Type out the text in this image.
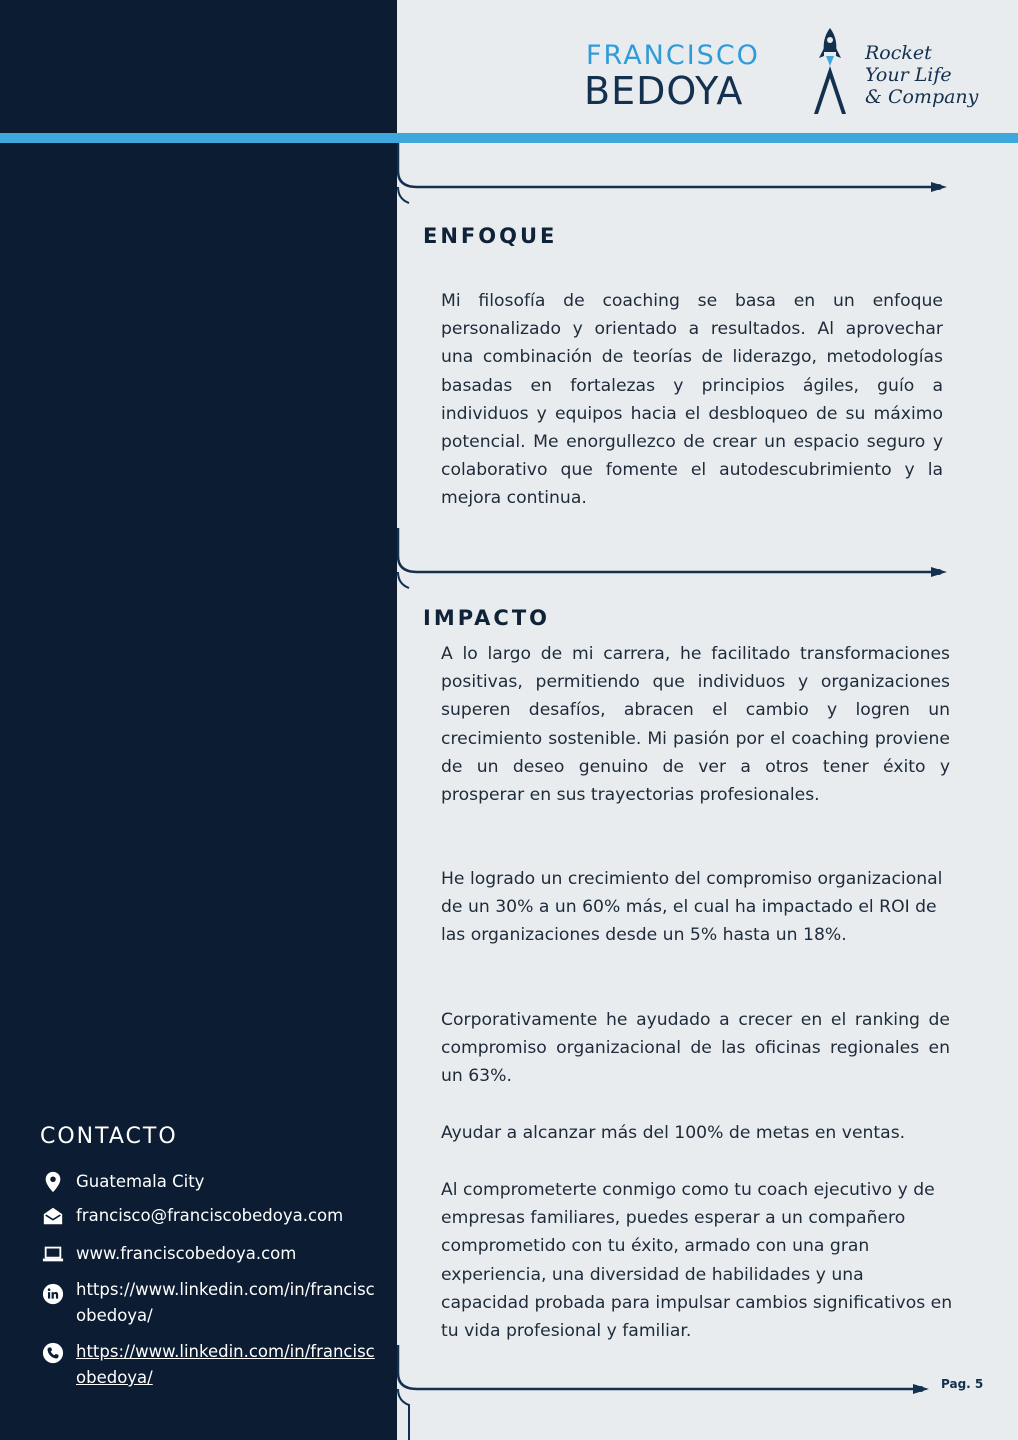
FRANCISCO
BEDOYA
Rocket
Your Life
& Company
ENFOQUE

Mi filosofía de coaching se basa en un enfoque personalizado y orientado a resultados. Al aprovechar una combinación de teorías de liderazgo, metodologías basadas en fortalezas y principios ágiles, guío a individuos y equipos hacia el desbloqueo de su máximo potencial. Me enorgullezco de crear un espacio seguro y colaborativo que fomente el autodescubrimiento y la mejora continua.

IMPACTO

A lo largo de mi carrera, he facilitado transformaciones positivas, permitiendo que individuos y organizaciones superen desafíos, abracen el cambio y logren un crecimiento sostenible. Mi pasión por el coaching proviene de un deseo genuino de ver a otros tener éxito y prosperar en sus trayectorias profesionales.

He logrado un crecimiento del compromiso organizacional de un 30% a un 60% más, el cual ha impactado el ROI de las organizaciones desde un 5% hasta un 18%.

Corporativamente he ayudado a crecer en el ranking de compromiso organizacional de las oficinas regionales en un 63%.

Ayudar a alcanzar más del 100% de metas en ventas.

Al comprometerte conmigo como tu coach ejecutivo y de empresas familiares, puedes esperar a un compañero comprometido con tu éxito, armado con una gran experiencia, una diversidad de habilidades y una capacidad probada para impulsar cambios significativos en tu vida profesional y familiar.

Pag. 5
CONTACTO
Guatemala City
francisco@franciscobedoya.com
www.franciscobedoya.com
https://www.linkedin.com/in/franciscobedoya/
https://www.linkedin.com/in/franciscobedoya/
